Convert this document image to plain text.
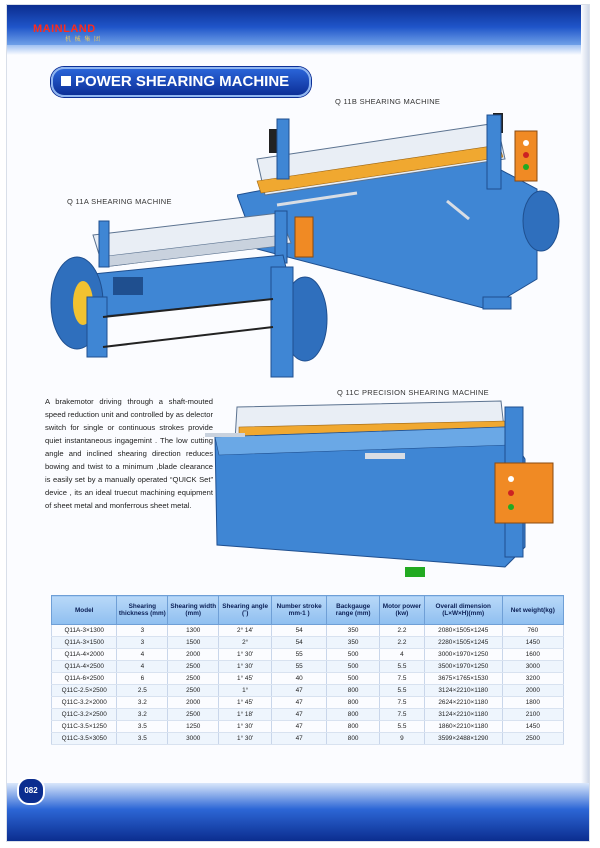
MAINLAND
机 械 集 团
POWER SHEARING MACHINE
Q 11B SHEARING MACHINE
Q 11A SHEARING MACHINE
Q 11C PRECISION SHEARING MACHINE
A brakemotor driving through a shaft-mouted speed reduction unit and controlled by as delector switch for single or continuous strokes provide quiet instantaneous ingagemint . The low cutting angle and inclined shearing direction reduces bowing and twist to a minimum ,blade clearance is easily set by a manually operated “QUICK Set” device , its an ideal truecut machining equipment of sheet metal and monferrous sheet metal.
Model	Shearing thickness (mm)	Shearing width (mm)	Shearing angle (˚)	Number stroke mm-1 )	Backgauge range (mm)	Motor power (kw)	Overall dimension (L×W×H)(mm)	Net weight(kg)
Q11A-3×1300	3	1300	2° 14'	54	350	2.2	2080×1505×1245	760
Q11A-3×1500	3	1500	2°	54	350	2.2	2280×1505×1245	1450
Q11A-4×2000	4	2000	1° 30'	55	500	4	3000×1970×1250	1600
Q11A-4×2500	4	2500	1° 30'	55	500	5.5	3500×1970×1250	3000
Q11A-6×2500	6	2500	1° 45'	40	500	7.5	3675×1765×1530	3200
Q11C-2.5×2500	2.5	2500	1°	47	800	5.5	3124×2210×1180	2000
Q11C-3.2×2000	3.2	2000	1° 45'	47	800	7.5	2624×2210×1180	1800
Q11C-3.2×2500	3.2	2500	1° 18'	47	800	7.5	3124×2210×1180	2100
Q11C-3.5×1250	3.5	1250	1° 30'	47	800	5.5	1860×2210×1180	1450
Q11C-3.5×3050	3.5	3000	1° 30'	47	800	9	3599×2488×1290	2500
082
